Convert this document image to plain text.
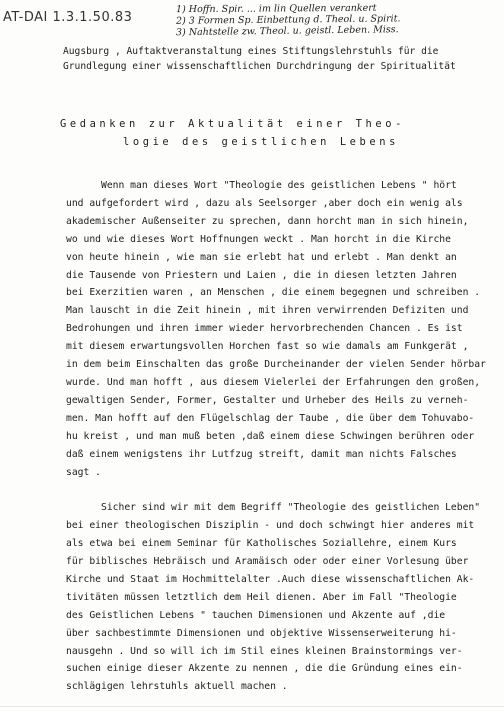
AT-DAI 1.3.1.50.83
1) Hoffn. Spir. ... im lin Quellen verankert
2) 3 Formen Sp. Einbettung d. Theol. u. Spirit.
3) Nahtstelle zw. Theol. u. geistl. Leben. Miss.
Augsburg , Auftaktveranstaltung eines Stiftungslehrstuhls für die
Grundlegung einer wissenschaftlichen Durchdringung der Spiritualität
Gedanken zur Aktualität einer Theo-
logie des geistlichen Lebens
Wenn man dieses Wort "Theologie des geistlichen Lebens " hört
und aufgefordert wird , dazu als Seelsorger ,aber doch ein wenig als
akademischer Außenseiter zu sprechen, dann horcht man in sich hinein,
wo und wie dieses Wort Hoffnungen weckt . Man horcht in die Kirche
von heute hinein , wie man sie erlebt hat und erlebt . Man denkt an
die Tausende von Priestern und Laien , die in diesen letzten Jahren
bei Exerzitien waren , an Menschen , die einem begegnen und schreiben .
Man lauscht in die Zeit hinein , mit ihren verwirrenden Defiziten und
Bedrohungen und ihren immer wieder hervorbrechenden Chancen . Es ist
mit diesem erwartungsvollen Horchen fast so wie damals am Funkgerät ,
in dem beim Einschalten das große Durcheinander der vielen Sender hörbar
wurde. Und man hofft , aus diesem Vielerlei der Erfahrungen den großen,
gewaltigen Sender, Former, Gestalter und Urheber des Heils zu verneh-
men. Man hofft auf den Flügelschlag der Taube , die über dem Tohuvabo-
hu kreist , und man muß beten ,daß einem diese Schwingen berühren oder
daß einem wenigstens ihr Lutfzug streift, damit man nichts Falsches
sagt .
Sicher sind wir mit dem Begriff "Theologie des geistlichen Leben"
bei einer theologischen Disziplin - und doch schwingt hier anderes mit
als etwa bei einem Seminar für Katholisches Soziallehre, einem Kurs
für biblisches Hebräisch und Aramäisch oder oder einer Vorlesung über
Kirche und Staat im Hochmittelalter .Auch diese wissenschaftlichen Ak-
tivitäten müssen letztlich dem Heil dienen. Aber im Fall "Theologie
des Geistlichen Lebens " tauchen Dimensionen und Akzente auf ,die
über sachbestimmte Dimensionen und objektive Wissenserweiterung hi-
nausgehn . Und so will ich im Stil eines kleinen Brainstormings ver-
suchen einige dieser Akzente zu nennen , die die Gründung eines ein-
schlägigen lehrstuhls aktuell machen .
